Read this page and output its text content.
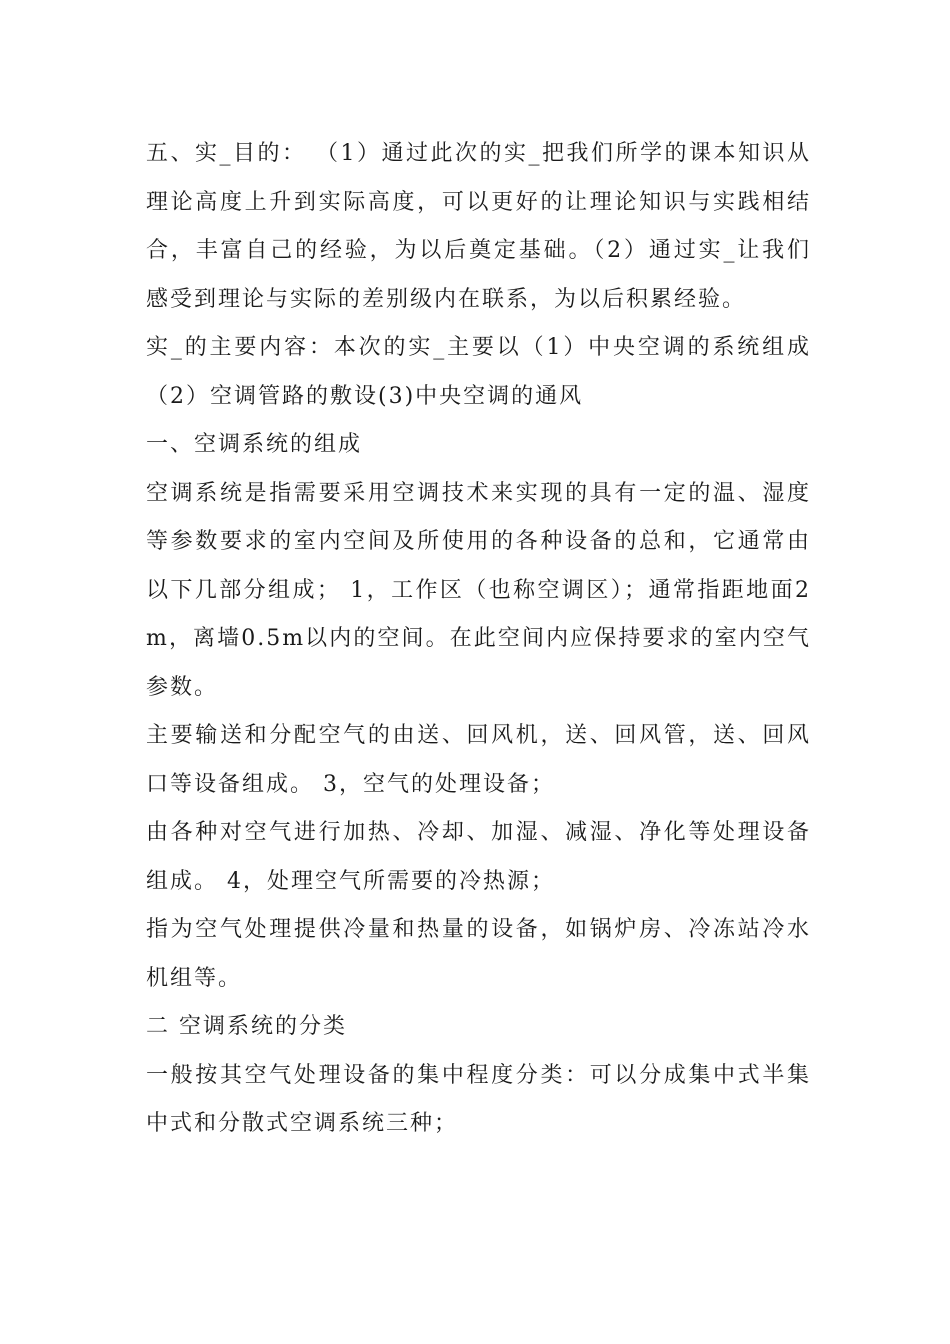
五、实_目的： （1）通过此次的实_把我们所学的课本知识从理论高度上升到实际高度，可以更好的让理论知识与实践相结合，丰富自己的经验，为以后奠定基础。（2）通过实_让我们感受到理论与实际的差别级内在联系，为以后积累经验。

实_的主要内容：本次的实_主要以（1）中央空调的系统组成（2）空调管路的敷设(3)中央空调的通风

一、空调系统的组成

空调系统是指需要采用空调技术来实现的具有一定的温、湿度等参数要求的室内空间及所使用的各种设备的总和，它通常由以下几部分组成； 1，工作区（也称空调区）；通常指距地面2m，离墙0.5m以内的空间。在此空间内应保持要求的室内空气参数。

主要输送和分配空气的由送、回风机，送、回风管，送、回风口等设备组成。 3，空气的处理设备；

由各种对空气进行加热、冷却、加湿、减湿、净化等处理设备组成。 4，处理空气所需要的冷热源；

指为空气处理提供冷量和热量的设备，如锅炉房、冷冻站冷水机组等。

二 空调系统的分类

一般按其空气处理设备的集中程度分类：可以分成集中式半集中式和分散式空调系统三种；
